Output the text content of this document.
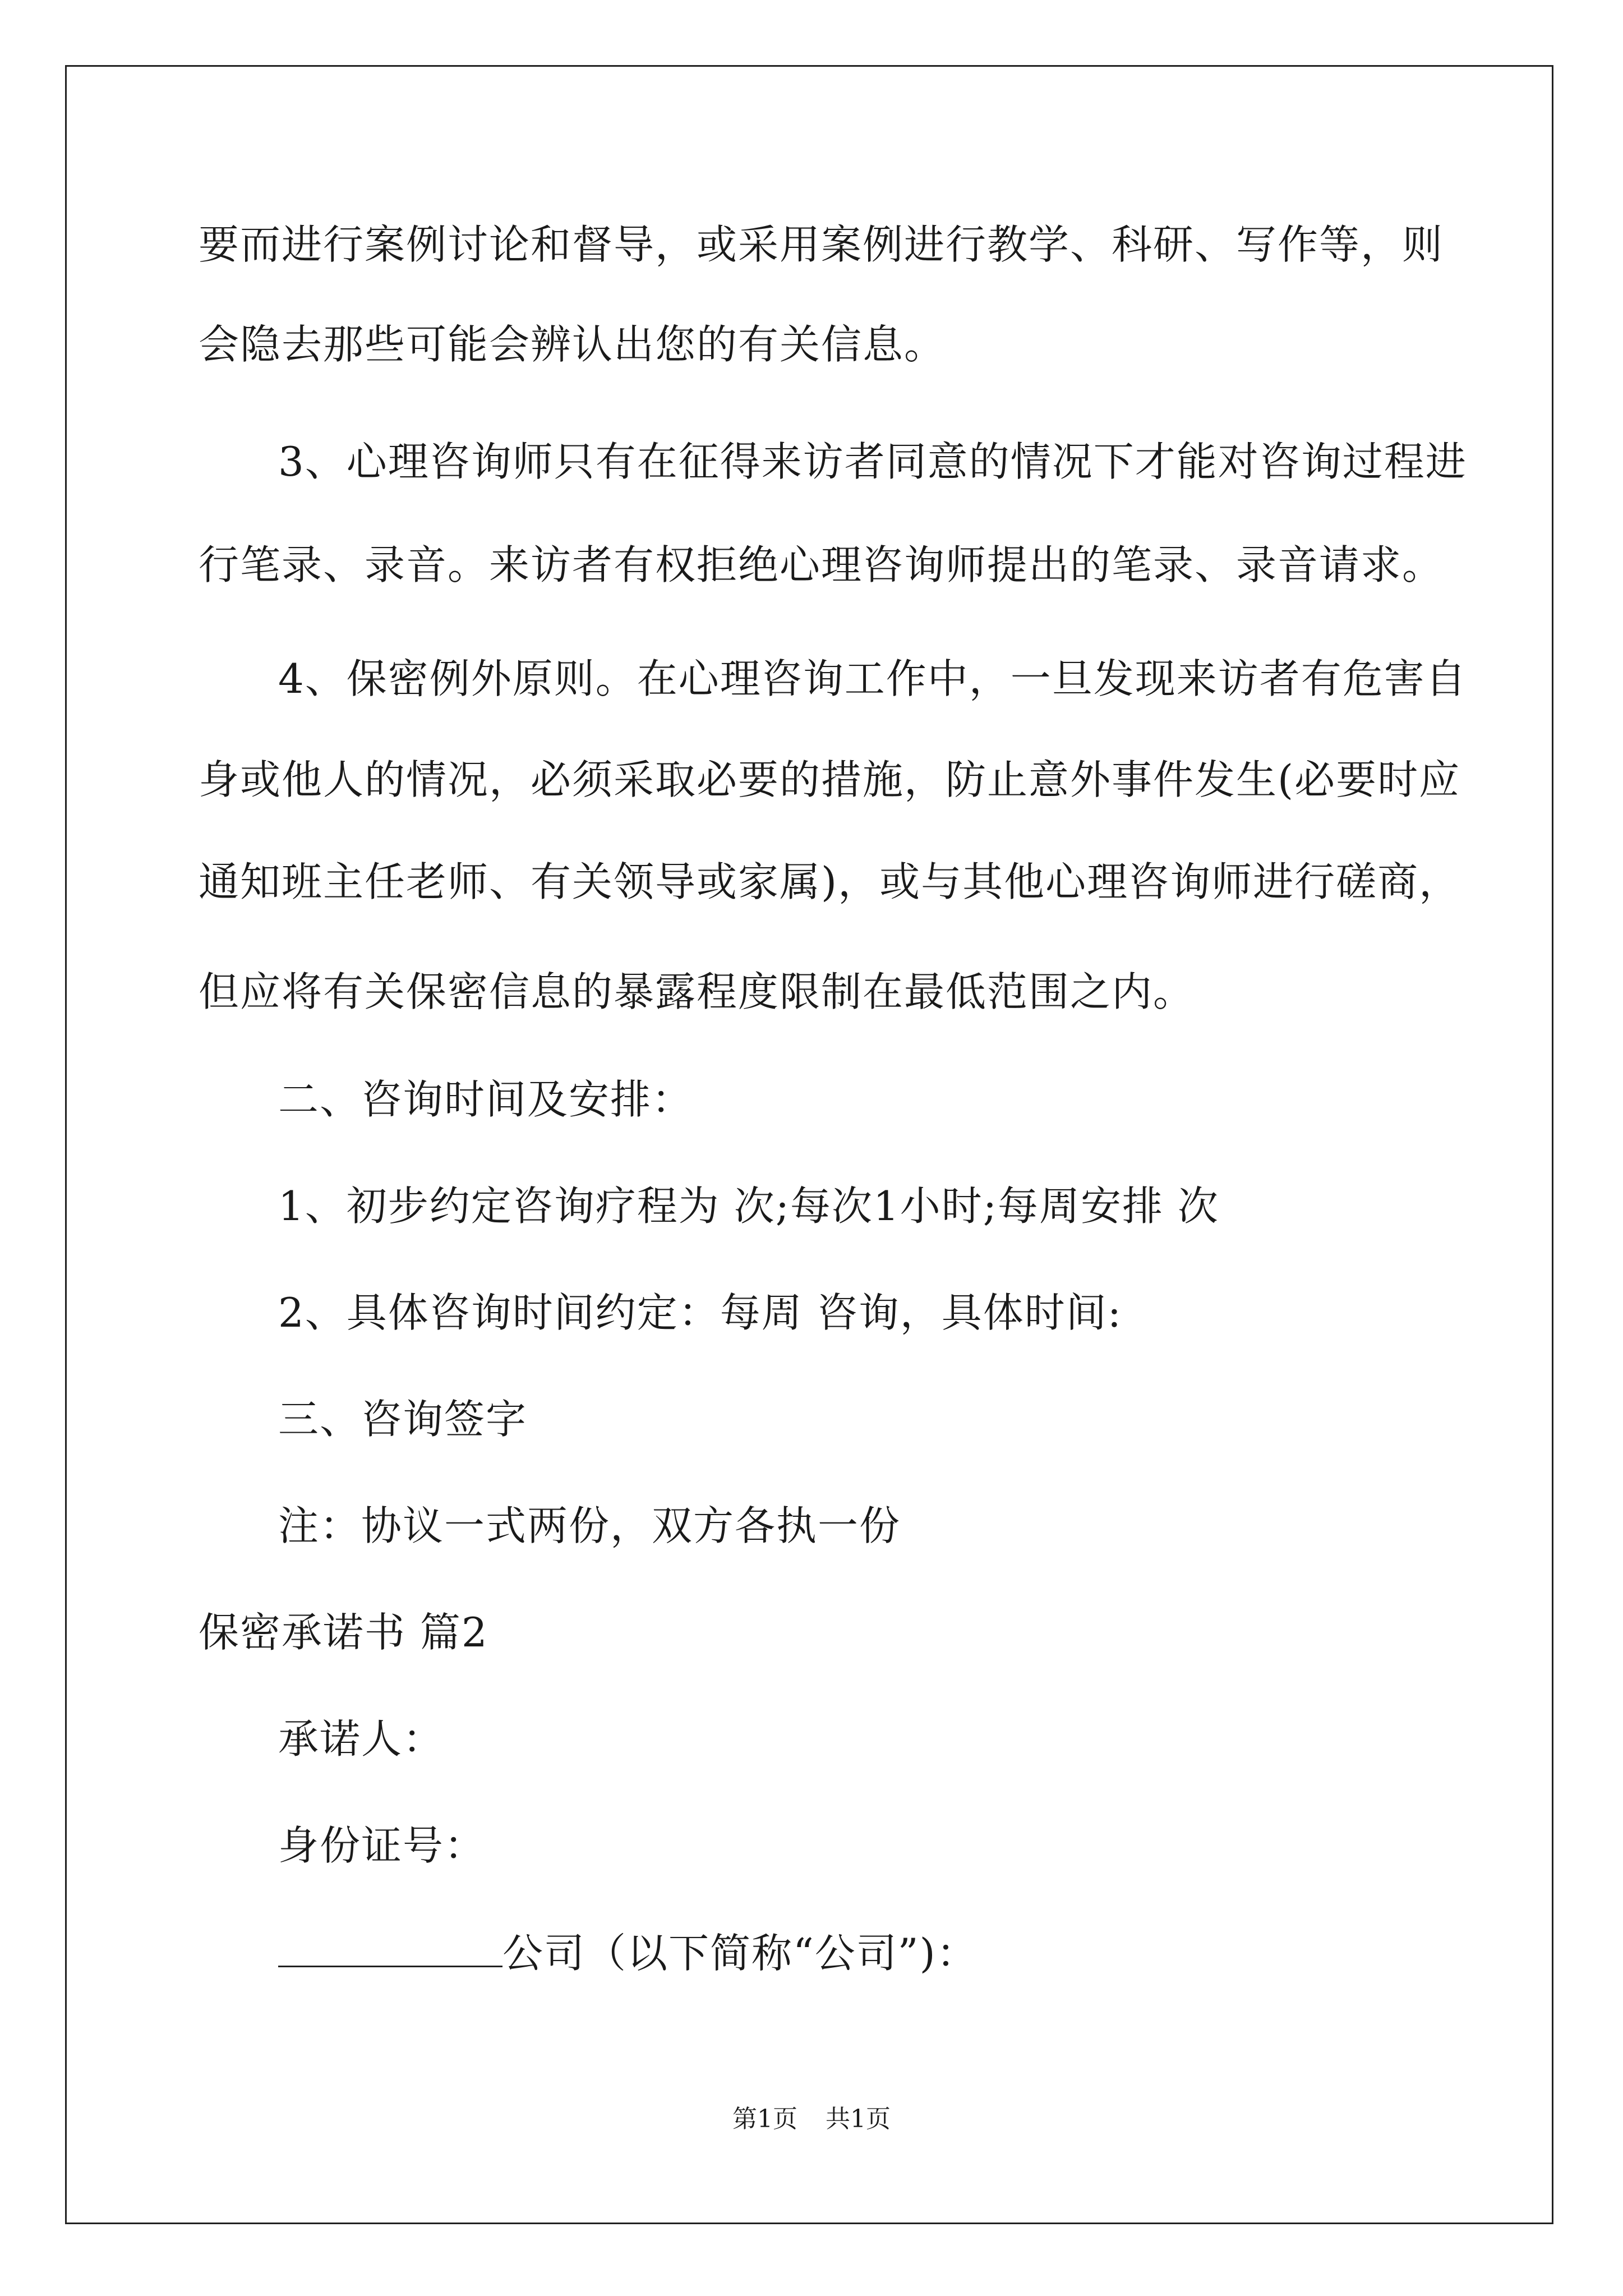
要而进行案例讨论和督导，或采用案例进行教学、科研、写作等，则
会隐去那些可能会辨认出您的有关信息。
3、心理咨询师只有在征得来访者同意的情况下才能对咨询过程进
行笔录、录音。来访者有权拒绝心理咨询师提出的笔录、录音请求。
4、保密例外原则。在心理咨询工作中，一旦发现来访者有危害自
身或他人的情况，必须采取必要的措施，防止意外事件发生(必要时应
通知班主任老师、有关领导或家属)，或与其他心理咨询师进行磋商，
但应将有关保密信息的暴露程度限制在最低范围之内。
二、咨询时间及安排：
1、初步约定咨询疗程为 次;每次1小时;每周安排 次
2、具体咨询时间约定：每周 咨询，具体时间:
三、咨询签字
注：协议一式两份，双方各执一份
保密承诺书 篇2
承诺人：
身份证号：
公司（以下简称“公司”)：
第1页 共1页
